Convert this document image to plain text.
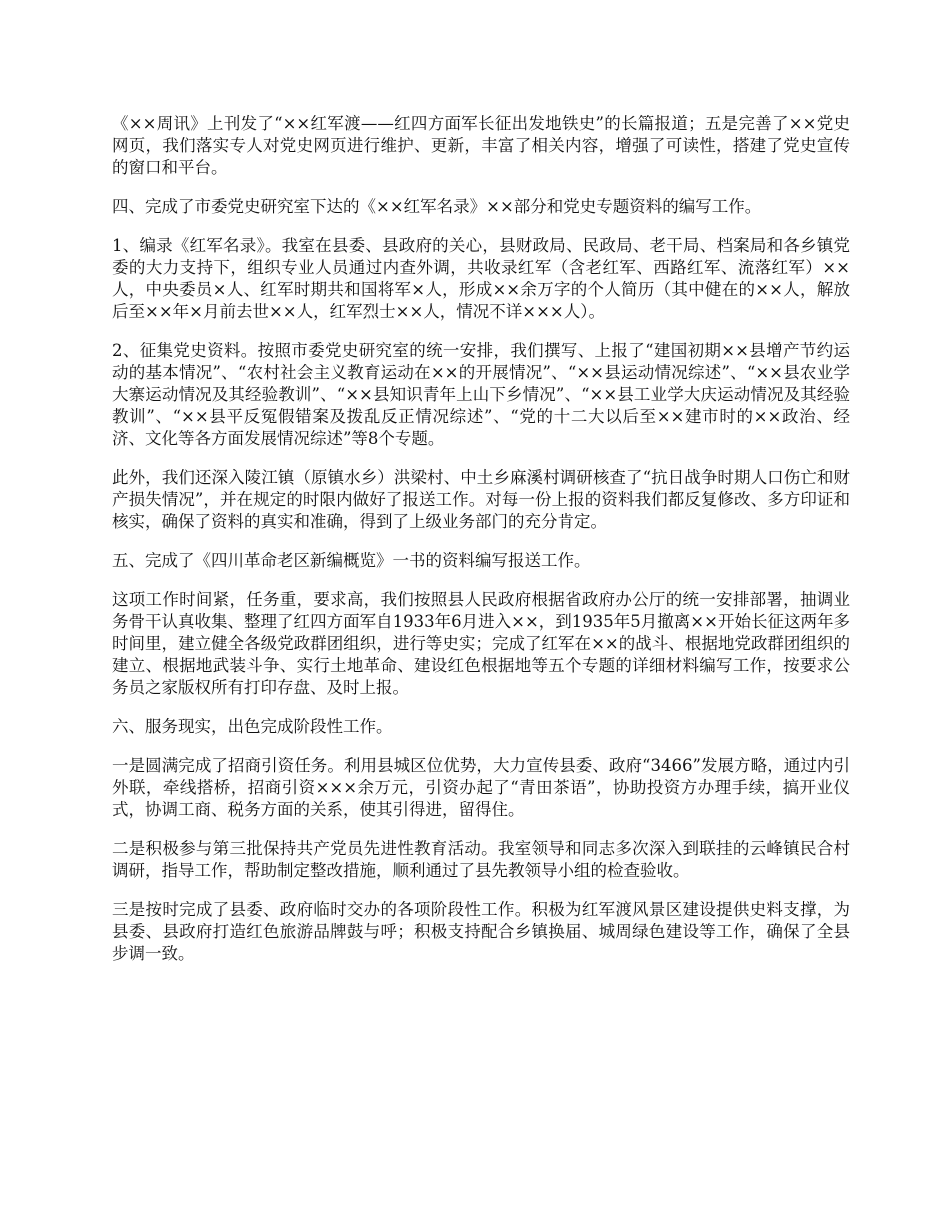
《××周讯》上刊发了“××红军渡——红四方面军长征出发地铁史”的长篇报道；五是完善了××党史网页，我们落实专人对党史网页进行维护、更新，丰富了相关内容，增强了可读性，搭建了党史宣传的窗口和平台。

四、完成了市委党史研究室下达的《××红军名录》××部分和党史专题资料的编写工作。

1、编录《红军名录》。我室在县委、县政府的关心，县财政局、民政局、老干局、档案局和各乡镇党委的大力支持下，组织专业人员通过内查外调，共收录红军（含老红军、西路红军、流落红军）××人，中央委员×人、红军时期共和国将军×人，形成××余万字的个人简历（其中健在的××人，解放后至××年×月前去世××人，红军烈士××人，情况不详×××人）。

2、征集党史资料。按照市委党史研究室的统一安排，我们撰写、上报了“建国初期××县增产节约运动的基本情况”、“农村社会主义教育运动在××的开展情况”、“××县运动情况综述”、“××县农业学大寨运动情况及其经验教训”、“××县知识青年上山下乡情况”、“××县工业学大庆运动情况及其经验教训”、“××县平反冤假错案及拨乱反正情况综述”、“党的十二大以后至××建市时的××政治、经济、文化等各方面发展情况综述”等8个专题。

此外，我们还深入陵江镇（原镇水乡）洪梁村、中土乡麻溪村调研核查了“抗日战争时期人口伤亡和财产损失情况”，并在规定的时限内做好了报送工作。对每一份上报的资料我们都反复修改、多方印证和核实，确保了资料的真实和准确，得到了上级业务部门的充分肯定。

五、完成了《四川革命老区新编概览》一书的资料编写报送工作。

这项工作时间紧，任务重，要求高，我们按照县人民政府根据省政府办公厅的统一安排部署，抽调业务骨干认真收集、整理了红四方面军自1933年6月进入××，到1935年5月撤离××开始长征这两年多时间里，建立健全各级党政群团组织，进行等史实；完成了红军在××的战斗、根据地党政群团组织的建立、根据地武装斗争、实行土地革命、建设红色根据地等五个专题的详细材料编写工作，按要求公务员之家版权所有打印存盘、及时上报。

六、服务现实，出色完成阶段性工作。

一是圆满完成了招商引资任务。利用县城区位优势，大力宣传县委、政府“3466”发展方略，通过内引外联，牵线搭桥，招商引资×××余万元，引资办起了“青田茶语”，协助投资方办理手续，搞开业仪式，协调工商、税务方面的关系，使其引得进，留得住。

二是积极参与第三批保持共产党员先进性教育活动。我室领导和同志多次深入到联挂的云峰镇民合村调研，指导工作，帮助制定整改措施，顺利通过了县先教领导小组的检查验收。

三是按时完成了县委、政府临时交办的各项阶段性工作。积极为红军渡风景区建设提供史料支撑，为县委、县政府打造红色旅游品牌鼓与呼；积极支持配合乡镇换届、城周绿色建设等工作，确保了全县步调一致。
